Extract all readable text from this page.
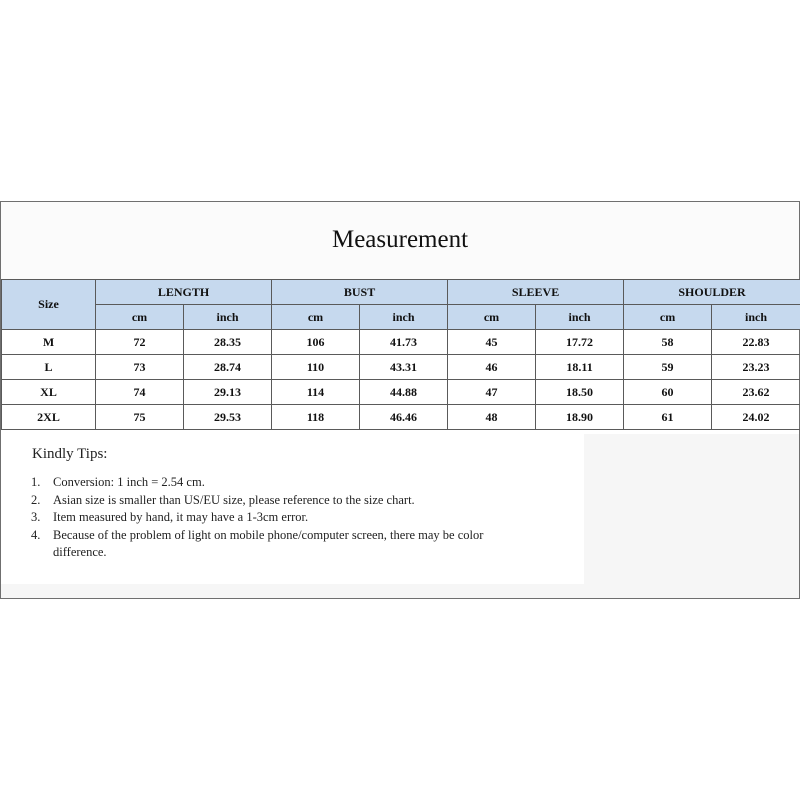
Measurement
Size	LENGTH		BUST		SLEEVE		SHOULDER	
	cm	inch	cm	inch	cm	inch	cm	inch
M	72	28.35	106	41.73	45	17.72	58	22.83
L	73	28.74	110	43.31	46	18.11	59	23.23
XL	74	29.13	114	44.88	47	18.50	60	23.62
2XL	75	29.53	118	46.46	48	18.90	61	24.02
Kindly Tips:
1. Conversion: 1 inch = 2.54 cm.
2. Asian size is smaller than US/EU size, please reference to the size chart.
3. Item measured by hand, it may have a 1-3cm error.
4. Because of the problem of light on mobile phone/computer screen, there may be color difference.
